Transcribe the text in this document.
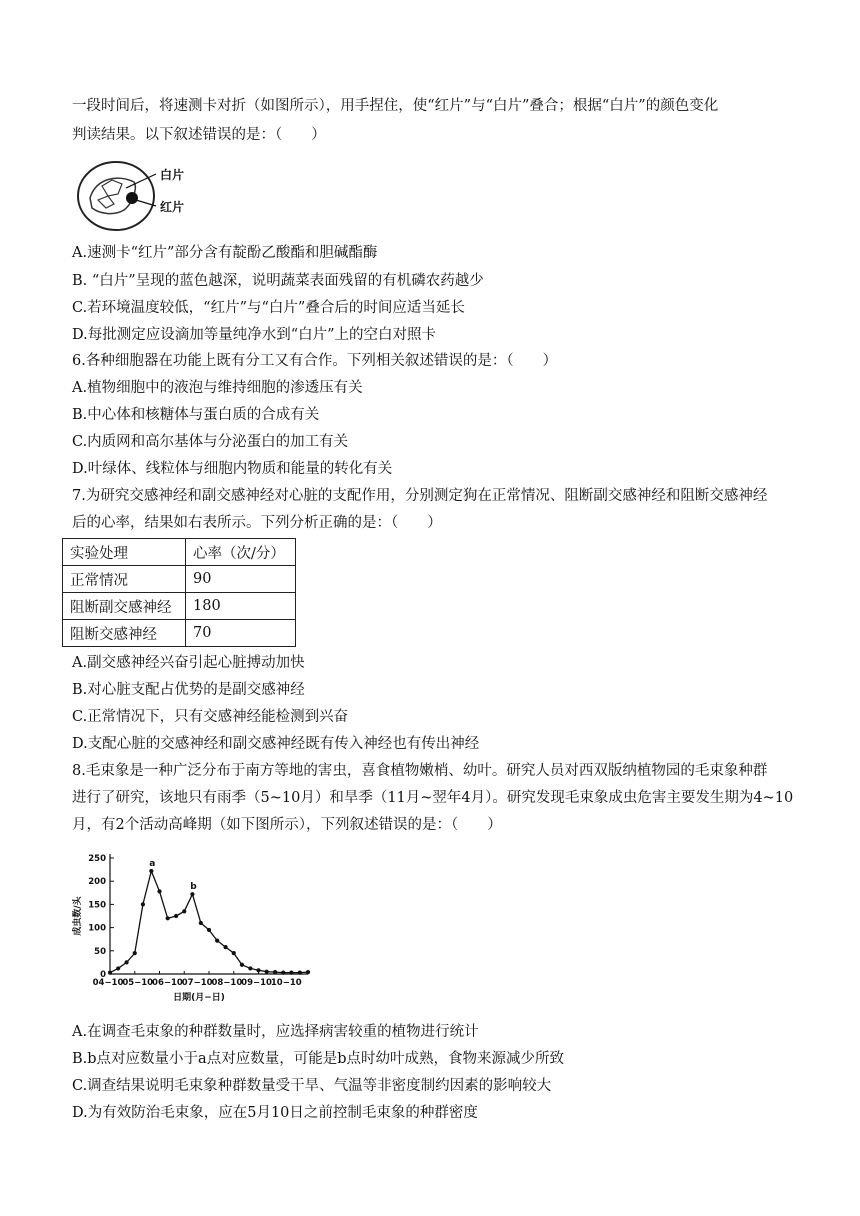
一段时间后，将速测卡对折（如图所示），用手捏住，使“红片”与“白片”叠合；根据“白片”的颜色变化
判读结果。以下叙述错误的是：（　　）
白片
红片
A.速测卡“红片”部分含有靛酚乙酸酯和胆碱酯酶
B. “白片”呈现的蓝色越深，说明蔬菜表面残留的有机磷农药越少
C.若环境温度较低，“红片”与“白片”叠合后的时间应适当延长
D.每批测定应设滴加等量纯净水到“白片”上的空白对照卡
6.各种细胞器在功能上既有分工又有合作。下列相关叙述错误的是：（　　）
A.植物细胞中的液泡与维持细胞的渗透压有关
B.中心体和核糖体与蛋白质的合成有关
C.内质网和高尔基体与分泌蛋白的加工有关
D.叶绿体、线粒体与细胞内物质和能量的转化有关
7.为研究交感神经和副交感神经对心脏的支配作用，分别测定狗在正常情况、阻断副交感神经和阻断交感神经
后的心率，结果如右表所示。下列分析正确的是：（　　）
实验处理	心率（次/分）
正常情况	90
阻断副交感神经	180
阻断交感神经	70
A.副交感神经兴奋引起心脏搏动加快
B.对心脏支配占优势的是副交感神经
C.正常情况下，只有交感神经能检测到兴奋
D.支配心脏的交感神经和副交感神经既有传入神经也有传出神经
8.毛束象是一种广泛分布于南方等地的害虫，喜食植物嫩梢、幼叶。研究人员对西双版纳植物园的毛束象种群
进行了研究，该地只有雨季（5~10月）和旱季（11月~翌年4月）。研究发现毛束象成虫危害主要发生期为4~10
月，有2个活动高峰期（如下图所示），下列叙述错误的是：（　　）
0
50
100
150
200
250
04−10
05−10
06−10
07−10
08−10
09−10
10−10
日期(月−日)
成虫数/头
a
b
A.在调查毛束象的种群数量时，应选择病害较重的植物进行统计
B.b点对应数量小于a点对应数量，可能是b点时幼叶成熟，食物来源减少所致
C.调查结果说明毛束象种群数量受干旱、气温等非密度制约因素的影响较大
D.为有效防治毛束象，应在5月10日之前控制毛束象的种群密度
